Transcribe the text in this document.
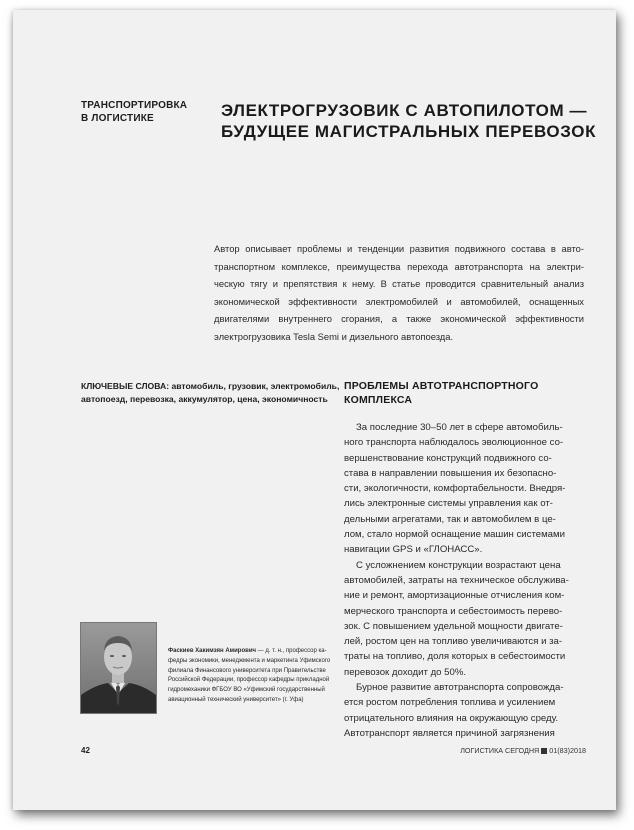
ТРАНСПОРТИРОВКА
В ЛОГИСТИКЕ	ЭЛЕКТРОГРУЗОВИК С АВТОПИЛОТОМ —
БУДУЩЕЕ МАГИСТРАЛЬНЫХ ПЕРЕВОЗОК
Автор описывает проблемы и тенденции развития подвижного состава в авто-
транспортном комплексе, преимущества перехода автотранспорта на электри-
ческую тягу и препятствия к нему. В статье проводится сравнительный анализ
экономической эффективности электромобилей и автомобилей, оснащенных
двигателями внутреннего сгорания, а также экономической эффективности
электрогрузовика Tesla Semi и дизельного автопоезда.
КЛЮЧЕВЫЕ СЛОВА: автомобиль, грузовик, электромобиль,
автопоезд, перевозка, аккумулятор, цена, экономичность
ПРОБЛЕМЫ АВТОТРАНСПОРТНОГО
КОМПЛЕКСА
За последние 30–50 лет в сфере автомобиль-
ного транспорта наблюдалось эволюционное со-
вершенствование конструкций подвижного со-
става в направлении повышения их безопасно-
сти, экологичности, комфортабельности. Внедря-
лись электронные системы управления как от-
дельными агрегатами, так и автомобилем в це-
лом, стало нормой оснащение машин системами
навигации GPS и «ГЛОНАСС».
С усложнением конструкции возрастают цена
автомобилей, затраты на техническое обслужива-
ние и ремонт, амортизационные отчисления ком-
мерческого транспорта и себестоимость перево-
зок. С повышением удельной мощности двигате-
лей, ростом цен на топливо увеличиваются и за-
траты на топливо, доля которых в себестоимости
перевозок доходит до 50%.
Бурное развитие автотранспорта сопровожда-
ется ростом потребления топлива и усилением
отрицательного влияния на окружающую среду.
Автотранспорт является причиной загрязнения
Фаскиев Хакимзян Амирович — д. т. н., профессор ка-
федры экономики, менеджмента и маркетинга Уфимского
филиала Финансового университета при Правительстве
Российской Федерации, профессор кафедры прикладной
гидромеханики ФГБОУ ВО «Уфимский государственный
авиационный технический университет» (г. Уфа)
42	ЛОГИСТИКА СЕГОДНЯ 01(83)2018
